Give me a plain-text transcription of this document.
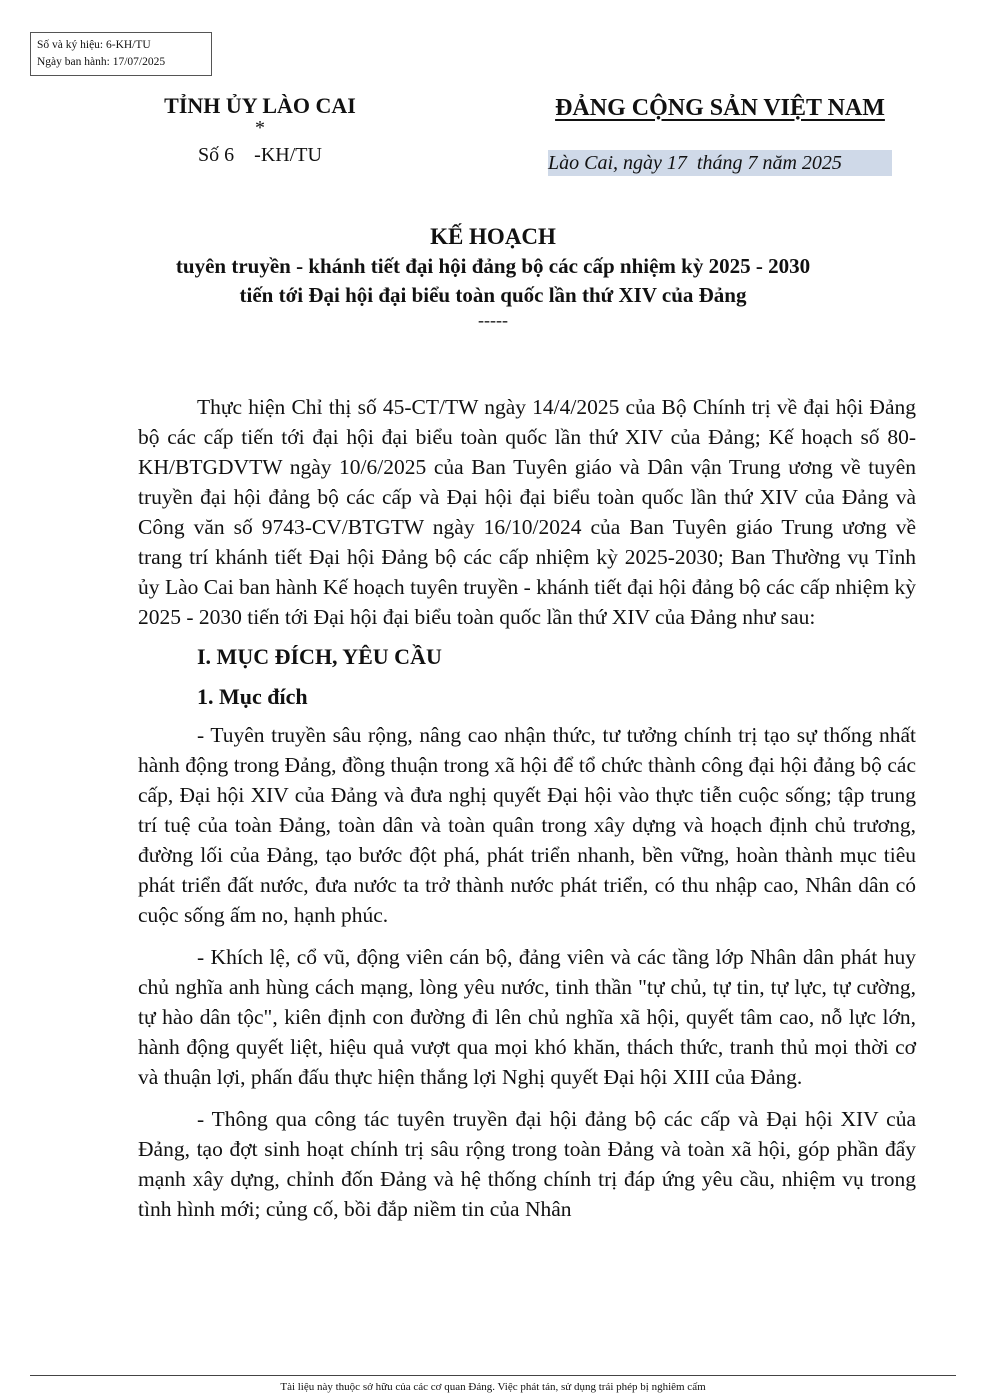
Số và ký hiệu: 6-KH/TU
Ngày ban hành: 17/07/2025
TỈNH ỦY LÀO CAI
*
Số 6    -KH/TU
ĐẢNG CỘNG SẢN VIỆT NAM
Lào Cai, ngày 17  tháng 7 năm 2025
KẾ HOẠCH
tuyên truyền - khánh tiết đại hội đảng bộ các cấp nhiệm kỳ 2025 - 2030
tiến tới Đại hội đại biểu toàn quốc lần thứ XIV của Đảng
-----

Thực hiện Chỉ thị số 45-CT/TW ngày 14/4/2025 của Bộ Chính trị về đại hội Đảng bộ các cấp tiến tới đại hội đại biểu toàn quốc lần thứ XIV của Đảng; Kế hoạch số 80-KH/BTGDVTW ngày 10/6/2025 của Ban Tuyên giáo và Dân vận Trung ương về tuyên truyền đại hội đảng bộ các cấp và Đại hội đại biểu toàn quốc lần thứ XIV của Đảng và Công văn số 9743-CV/BTGTW ngày 16/10/2024 của Ban Tuyên giáo Trung ương về trang trí khánh tiết Đại hội Đảng bộ các cấp nhiệm kỳ 2025-2030; Ban Thường vụ Tỉnh ủy Lào Cai ban hành Kế hoạch tuyên truyền - khánh tiết đại hội đảng bộ các cấp nhiệm kỳ 2025 - 2030 tiến tới Đại hội đại biểu toàn quốc lần thứ XIV của Đảng như sau:

I. MỤC ĐÍCH, YÊU CẦU

1. Mục đích

- Tuyên truyền sâu rộng, nâng cao nhận thức, tư tưởng chính trị tạo sự thống nhất hành động trong Đảng, đồng thuận trong xã hội để tổ chức thành công đại hội đảng bộ các cấp, Đại hội XIV của Đảng và đưa nghị quyết Đại hội vào thực tiễn cuộc sống; tập trung trí tuệ của toàn Đảng, toàn dân và toàn quân trong xây dựng và hoạch định chủ trương, đường lối của Đảng, tạo bước đột phá, phát triển nhanh, bền vững, hoàn thành mục tiêu phát triển đất nước, đưa nước ta trở thành nước phát triển, có thu nhập cao, Nhân dân có cuộc sống ấm no, hạnh phúc.

- Khích lệ, cổ vũ, động viên cán bộ, đảng viên và các tầng lớp Nhân dân phát huy chủ nghĩa anh hùng cách mạng, lòng yêu nước, tinh thần "tự chủ, tự tin, tự lực, tự cường, tự hào dân tộc", kiên định con đường đi lên chủ nghĩa xã hội, quyết tâm cao, nỗ lực lớn, hành động quyết liệt, hiệu quả vượt qua mọi khó khăn, thách thức, tranh thủ mọi thời cơ và thuận lợi, phấn đấu thực hiện thắng lợi Nghị quyết Đại hội XIII của Đảng.

- Thông qua công tác tuyên truyền đại hội đảng bộ các cấp và Đại hội XIV của Đảng, tạo đợt sinh hoạt chính trị sâu rộng trong toàn Đảng và toàn xã hội, góp phần đẩy mạnh xây dựng, chỉnh đốn Đảng và hệ thống chính trị đáp ứng yêu cầu, nhiệm vụ trong tình hình mới; củng cố, bồi đắp niềm tin của Nhân

Tài liệu này thuộc sở hữu của các cơ quan Đảng. Việc phát tán, sử dụng trái phép bị nghiêm cấm
